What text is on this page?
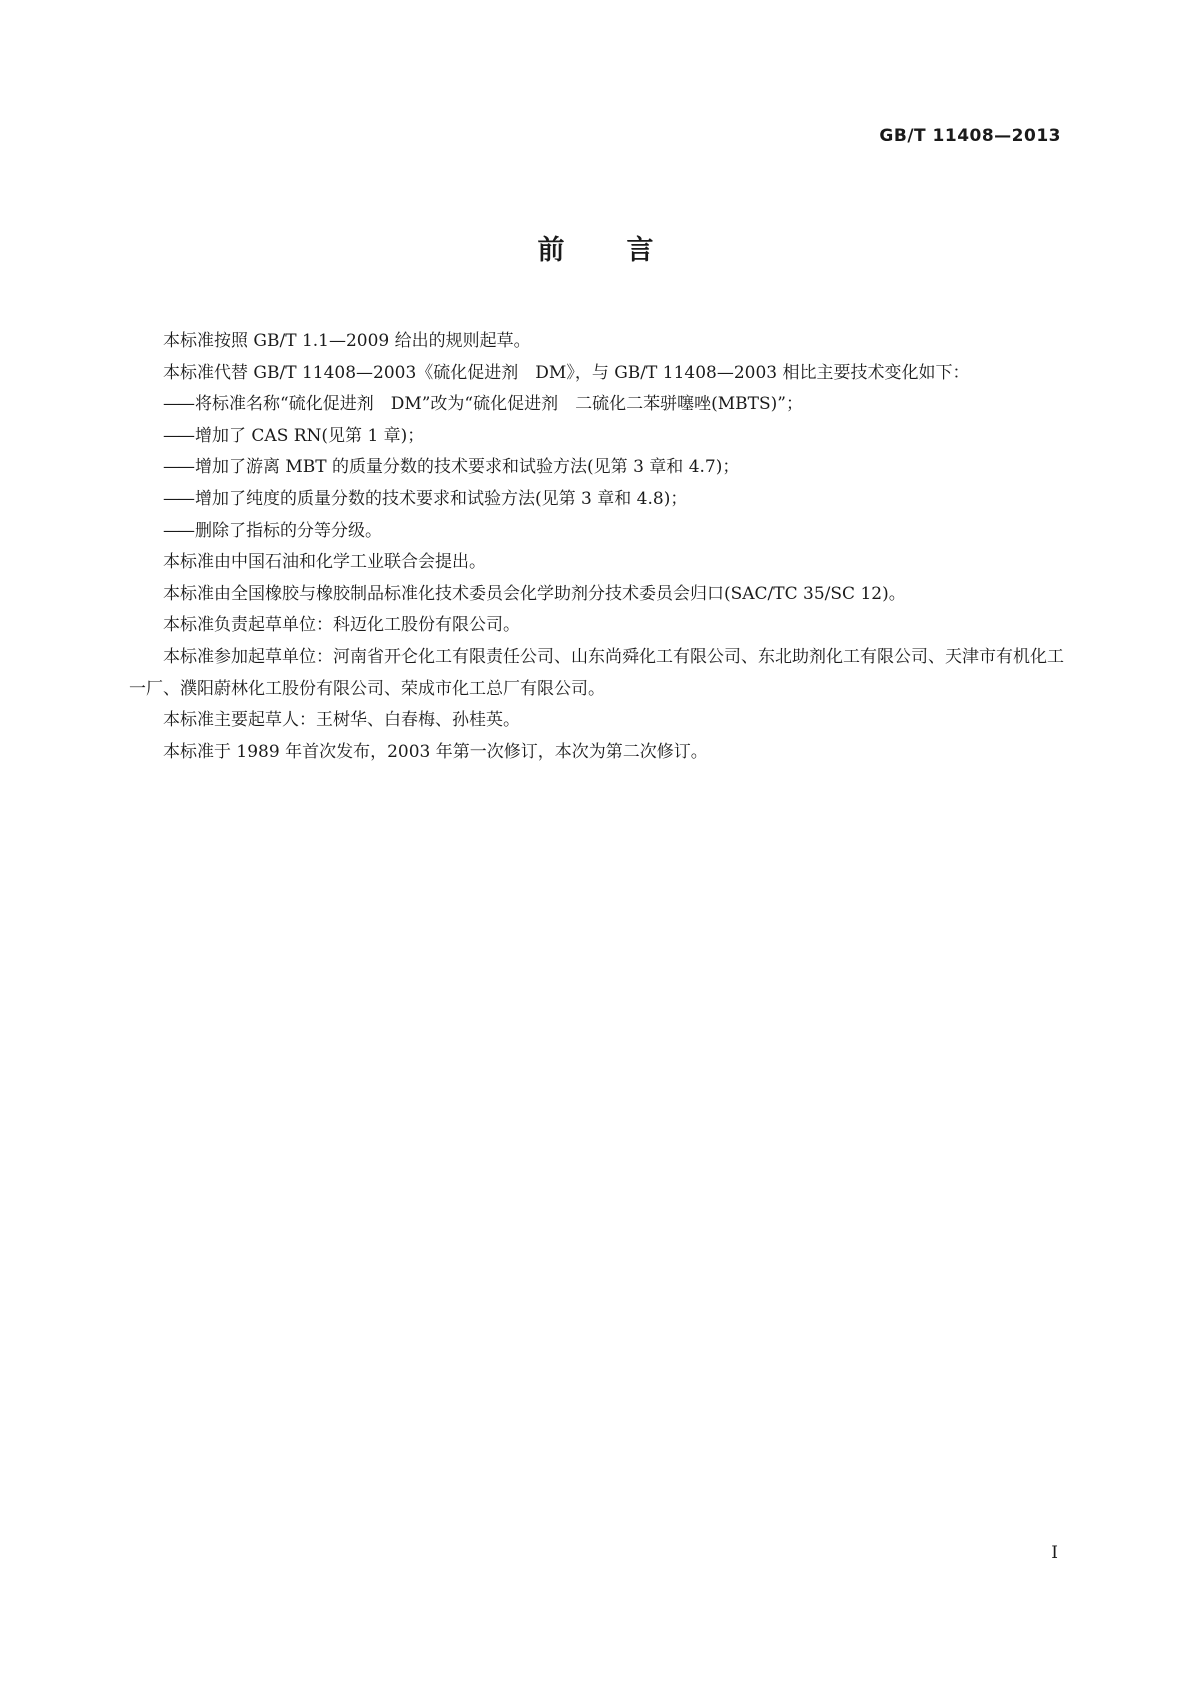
GB/T 11408—2013
前言

本标准按照 GB/T 1.1—2009 给出的规则起草。

本标准代替 GB/T 11408—2003《硫化促进剂　DM》，与 GB/T 11408—2003 相比主要技术变化如下：

—— 将标准名称“硫化促进剂　DM”改为“硫化促进剂　二硫化二苯骈噻唑(MBTS)”；

—— 增加了 CAS RN(见第 1 章)；

—— 增加了游离 MBT 的质量分数的技术要求和试验方法(见第 3 章和 4.7)；

—— 增加了纯度的质量分数的技术要求和试验方法(见第 3 章和 4.8)；

—— 删除了指标的分等分级。

本标准由中国石油和化学工业联合会提出。

本标准由全国橡胶与橡胶制品标准化技术委员会化学助剂分技术委员会归口(SAC/TC 35/SC 12)。

本标准负责起草单位：科迈化工股份有限公司。

本标准参加起草单位：河南省开仑化工有限责任公司、山东尚舜化工有限公司、东北助剂化工有限公司、天津市有机化工一厂、濮阳蔚林化工股份有限公司、荣成市化工总厂有限公司。

本标准主要起草人：王树华、白春梅、孙桂英。

本标准于 1989 年首次发布，2003 年第一次修订，本次为第二次修订。

I
